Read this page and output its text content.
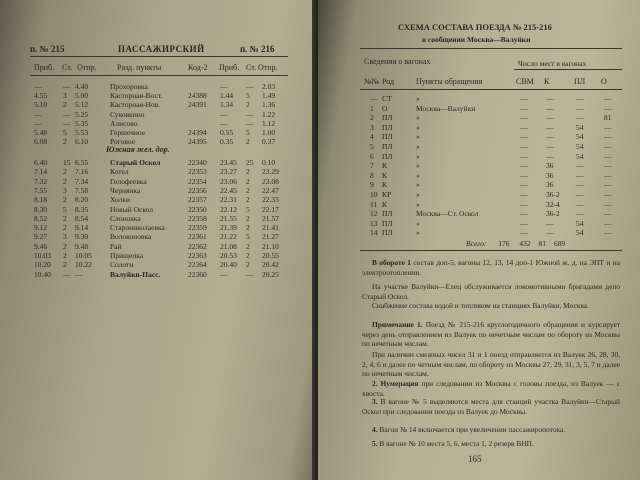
п. № 215	ПАССАЖИРСКИЙ	п. № 216
Приб. Ст. Отпр.	Разд. пункты	Код-2 Приб. Ст. Отпр.
—	— 4.40	Прохоровка	— — 2.03
4.55 3 5.00	Касторная-Вост.	24388 1.44 5 1.49
5.10 2 5.12	Касторная-Нов.	24391 1.34 2 1.36
—	— 5.25	Суковкино	— — 1.22
—	— 5.35	Алисово	— — 1.12
5.48 5 5.53	Горшечное	24394 0.55 5 1.00
6.08 2 6.10	Роговое	24395 0.35 2 0.37
Южная жел. дор.
6.40 15 6.55	Старый Оскол	22340 23.45 25 0.10
7.14 2 7.16	Котел	22353 23.27 2 23.29
7.32 2 7.34	Голофеевка	22354 23.06 2 23.08
7.55 3 7.58	Чернянка	22356 22.45 2 22.47
8.18 2 8.20	Холки	22357 22.31 2 22.33
8.30 5 8.35	Новый Оскол	22350 22.12 5 22.17
8.52 2 8.54	Слоновка	22358 21.55 2 21.57
9.12 2 9.14	Старониколаевка	22359 21.39 2 21.41
9.27 3 9.30	Волоконовка	22361 21.22 5 21.27
9.46 2 9.48	Рай	22362 21.08 2 21.10
10.03 2 10.05 Прищепка	22363 20.53 2 20.55
10.20 2 10.22 Солоти	22364 20.40 2 20.42
10.40 — —	Валуйки-Пасс.	22360 — — 20.25
СХЕМА СОСТАВА ПОЕЗДА № 215-216
в сообщении Москва—Валуйки
Сведения о вагонах	Число мест в вагонах
№№ Род	Пункты обращения	СВМ К	ПЛ О
— СТ	»	— —	—	—
1 О	Москва—Валуйки	— —	—	—
2 ПЛ	»	— —	—	81
3 ПЛ	»	— —	54	—
4 ПЛ	»	— —	54	—
5 ПЛ	»	— —	54	—
6 ПЛ	»	— —	54	—
7 К	»	— 36	—	—
8 К	»	— 36	—	—
9 К	»	— 36	—	—
10 КР	»	— 36-2 —	—
11 К	»	— 32-4 —	—
12 ПЛ	Москва—Ст. Оскол	— 36-2 —	—
13 ПЛ	»	— —	54	—
14 ПЛ	»	— —	54	—
Всего: 176 432 81 689
В обороте 1 состав доп-5, вагоны 12, 13, 14 доп-1 Южной ж. д. на ЭПТ и на электроотоплении.
На участке Валуйки—Елец обслуживается локомотивными бригадами депо Старый Оскол.
Снабжение состава водой и топливом на станциях Валуйки, Москва.
Примечание 1. Поезд № 215-216 круглогодичного обращения и курсирует через день отправлением из Валуек по нечетным числам по обороту из Москвы по нечетным числам.
При наличии смежных чисел 31 и 1 поезд отправляется из Валуек 26, 28, 30, 2, 4, 6 и далее по четным числам, по обороту из Москвы 27, 29, 31, 3, 5, 7 и далее по нечетным числам.
2. Нумерация при следовании из Москвы с головы поезда, из Валуек — с хвоста.
3. В вагоне № 5 выделяются места для станций участка Валуйки—Старый Оскол при следовании поезда из Валуек до Москвы.
4. Вагон № 14 включается при увеличении пассажиропотока.
5. В вагоне № 10 места 5, 6, места 1, 2 резерв ВНП.
165
